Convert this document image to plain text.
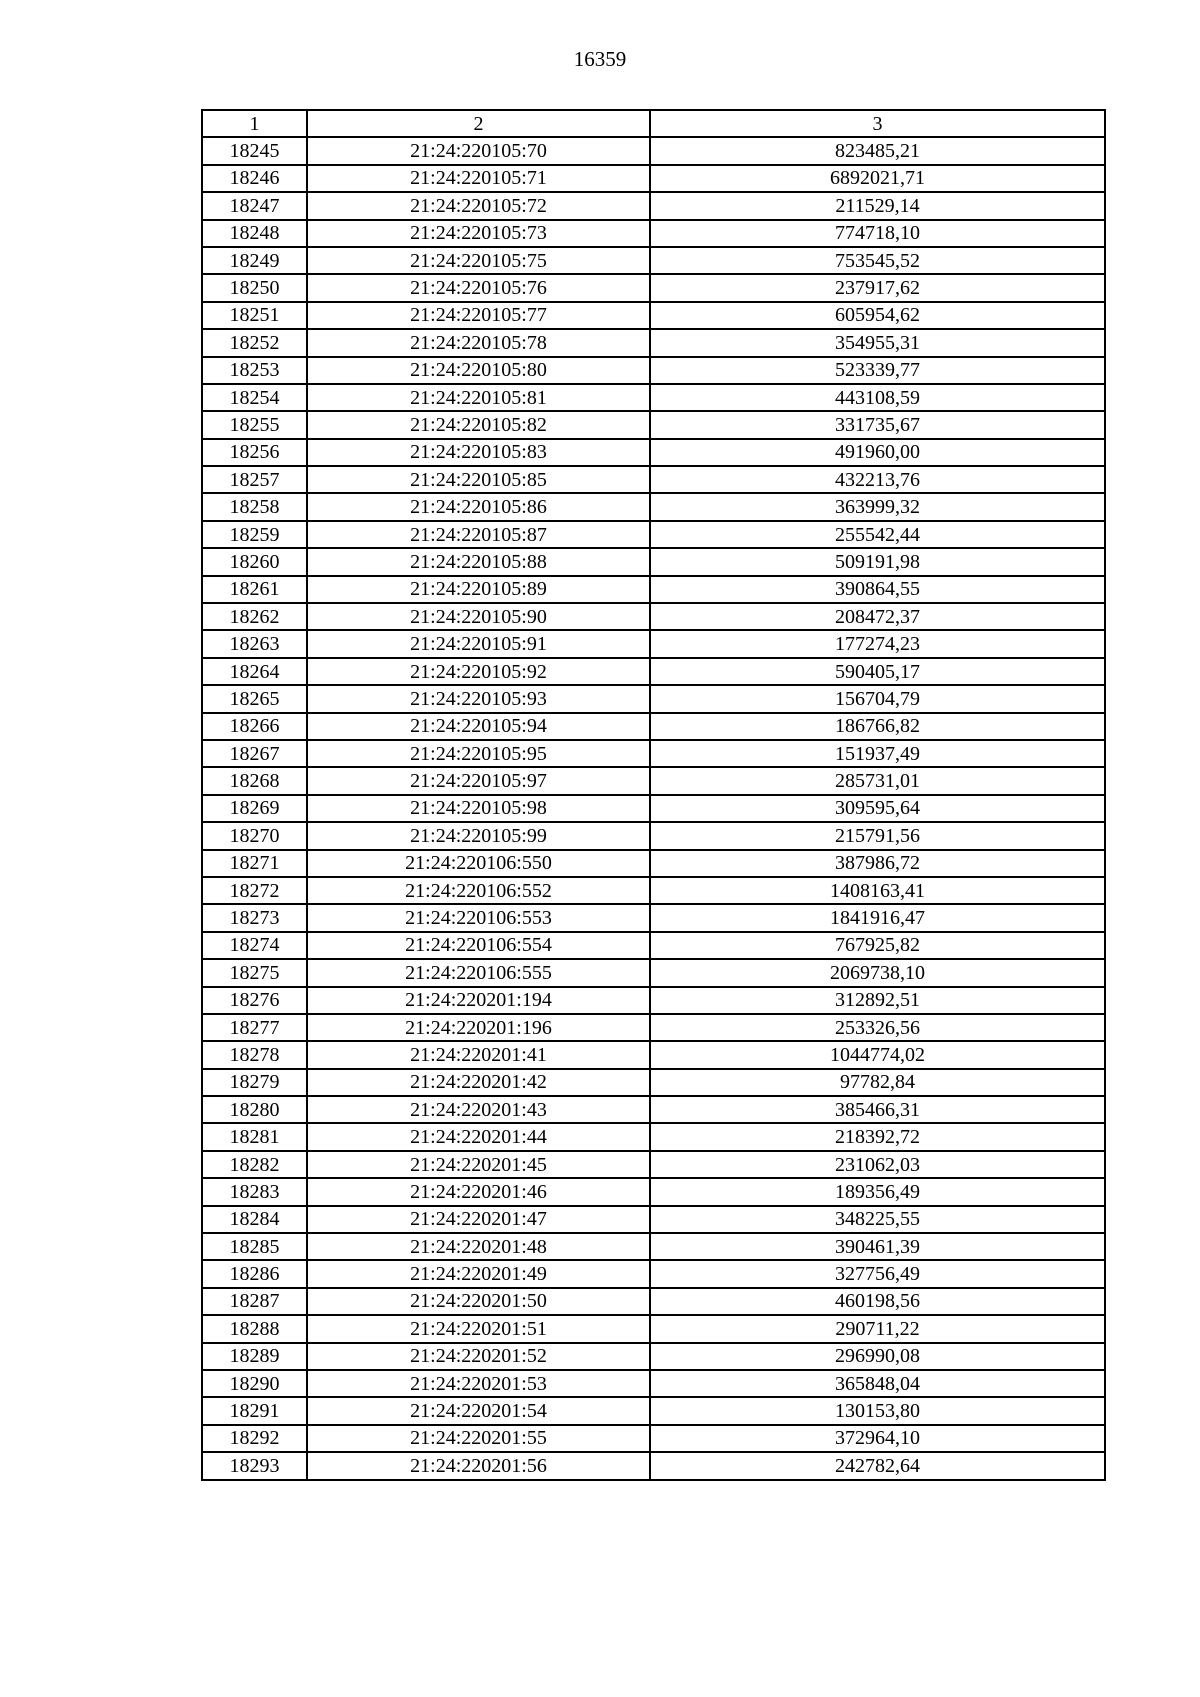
16359
1	2	3
18245	21:24:220105:70	823485,21
18246	21:24:220105:71	6892021,71
18247	21:24:220105:72	211529,14
18248	21:24:220105:73	774718,10
18249	21:24:220105:75	753545,52
18250	21:24:220105:76	237917,62
18251	21:24:220105:77	605954,62
18252	21:24:220105:78	354955,31
18253	21:24:220105:80	523339,77
18254	21:24:220105:81	443108,59
18255	21:24:220105:82	331735,67
18256	21:24:220105:83	491960,00
18257	21:24:220105:85	432213,76
18258	21:24:220105:86	363999,32
18259	21:24:220105:87	255542,44
18260	21:24:220105:88	509191,98
18261	21:24:220105:89	390864,55
18262	21:24:220105:90	208472,37
18263	21:24:220105:91	177274,23
18264	21:24:220105:92	590405,17
18265	21:24:220105:93	156704,79
18266	21:24:220105:94	186766,82
18267	21:24:220105:95	151937,49
18268	21:24:220105:97	285731,01
18269	21:24:220105:98	309595,64
18270	21:24:220105:99	215791,56
18271	21:24:220106:550	387986,72
18272	21:24:220106:552	1408163,41
18273	21:24:220106:553	1841916,47
18274	21:24:220106:554	767925,82
18275	21:24:220106:555	2069738,10
18276	21:24:220201:194	312892,51
18277	21:24:220201:196	253326,56
18278	21:24:220201:41	1044774,02
18279	21:24:220201:42	97782,84
18280	21:24:220201:43	385466,31
18281	21:24:220201:44	218392,72
18282	21:24:220201:45	231062,03
18283	21:24:220201:46	189356,49
18284	21:24:220201:47	348225,55
18285	21:24:220201:48	390461,39
18286	21:24:220201:49	327756,49
18287	21:24:220201:50	460198,56
18288	21:24:220201:51	290711,22
18289	21:24:220201:52	296990,08
18290	21:24:220201:53	365848,04
18291	21:24:220201:54	130153,80
18292	21:24:220201:55	372964,10
18293	21:24:220201:56	242782,64
